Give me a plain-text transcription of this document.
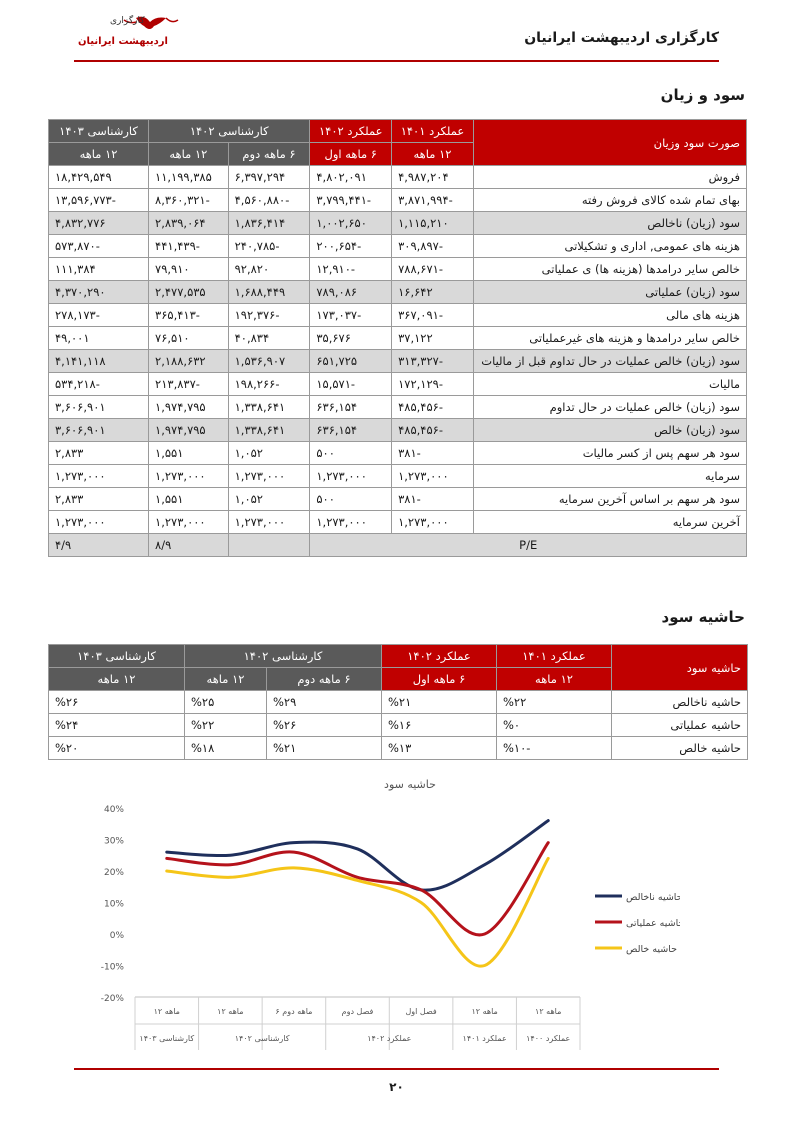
کارگزاری
اردیبهشت ایرانیان	کارگزاری اردیبهشت ایرانیان
سود و زیان
صورت سود وزیان	عملکرد ۱۴۰۱	عملکرد ۱۴۰۲	کارشناسی ۱۴۰۲		کارشناسی ۱۴۰۳
	۱۲ ماهه	۶ ماهه اول	۶ ماهه دوم	۱۲ ماهه	۱۲ ماهه
فروش	۴,۹۸۷,۲۰۴	۴,۸۰۲,۰۹۱	۶,۳۹۷,۲۹۴	۱۱,۱۹۹,۳۸۵	۱۸,۴۲۹,۵۴۹
بهای تمام شده کالای فروش رفته	-۳,۸۷۱,۹۹۴	-۳,۷۹۹,۴۴۱	-۴,۵۶۰,۸۸۰	-۸,۳۶۰,۳۲۱	-۱۳,۵۹۶,۷۷۳
سود (زیان) ناخالص	۱,۱۱۵,۲۱۰	۱,۰۰۲,۶۵۰	۱,۸۳۶,۴۱۴	۲,۸۳۹,۰۶۴	۴,۸۳۲,۷۷۶
هزینه های عمومی, اداری و تشکیلاتی	-۳۰۹,۸۹۷	-۲۰۰,۶۵۴	-۲۴۰,۷۸۵	-۴۴۱,۴۳۹	-۵۷۳,۸۷۰
خالص سایر درامدها (هزینه ها) ی عملیاتی	-۷۸۸,۶۷۱	-۱۲,۹۱۰	۹۲,۸۲۰	۷۹,۹۱۰	۱۱۱,۳۸۴
سود (زیان) عملیاتی	۱۶,۶۴۲	۷۸۹,۰۸۶	۱,۶۸۸,۴۴۹	۲,۴۷۷,۵۳۵	۴,۳۷۰,۲۹۰
هزینه های مالی	-۳۶۷,۰۹۱	-۱۷۳,۰۳۷	-۱۹۲,۳۷۶	-۳۶۵,۴۱۳	-۲۷۸,۱۷۳
خالص سایر درامدها و هزینه های غیرعملیاتی	۳۷,۱۲۲	۳۵,۶۷۶	۴۰,۸۳۴	۷۶,۵۱۰	۴۹,۰۰۱
سود (زیان) خالص عملیات در حال تداوم قبل از مالیات	-۳۱۳,۳۲۷	۶۵۱,۷۲۵	۱,۵۳۶,۹۰۷	۲,۱۸۸,۶۳۲	۴,۱۴۱,۱۱۸
مالیات	-۱۷۲,۱۲۹	-۱۵,۵۷۱	-۱۹۸,۲۶۶	-۲۱۳,۸۳۷	-۵۳۴,۲۱۸
سود (زیان) خالص عملیات در حال تداوم	-۴۸۵,۴۵۶	۶۳۶,۱۵۴	۱,۳۳۸,۶۴۱	۱,۹۷۴,۷۹۵	۳,۶۰۶,۹۰۱
سود (زیان) خالص	-۴۸۵,۴۵۶	۶۳۶,۱۵۴	۱,۳۳۸,۶۴۱	۱,۹۷۴,۷۹۵	۳,۶۰۶,۹۰۱
سود هر سهم پس از کسر مالیات	-۳۸۱	۵۰۰	۱,۰۵۲	۱,۵۵۱	۲,۸۳۳
سرمایه	۱,۲۷۳,۰۰۰	۱,۲۷۳,۰۰۰	۱,۲۷۳,۰۰۰	۱,۲۷۳,۰۰۰	۱,۲۷۳,۰۰۰
سود هر سهم بر اساس آخرین سرمایه	-۳۸۱	۵۰۰	۱,۰۵۲	۱,۵۵۱	۲,۸۳۳
آخرین سرمایه	۱,۲۷۳,۰۰۰	۱,۲۷۳,۰۰۰	۱,۲۷۳,۰۰۰	۱,۲۷۳,۰۰۰	۱,۲۷۳,۰۰۰
P/E				۸/۹	۴/۹
حاشیه سود
حاشیه سود	عملکرد ۱۴۰۱	عملکرد ۱۴۰۲	کارشناسی ۱۴۰۲		کارشناسی ۱۴۰۳
	۱۲ ماهه	۶ ماهه اول	۶ ماهه دوم	۱۲ ماهه	۱۲ ماهه
حاشیه ناخالص	%۲۲	%۲۱	%۲۹	%۲۵	%۲۶
حاشیه عملیاتی	%۰	%۱۶	%۲۶	%۲۲	%۲۴
حاشیه خالص	-%۱۰	%۱۳	%۲۱	%۱۸	%۲۰
حاشیه سود
40%
30%
20%
10%
0%
-10%
-20%
۱۲ ماهه
۱۲ ماهه
فصل اول
فصل دوم
۶ ماهه دوم
۱۲ ماهه
۱۲ ماهه
عملکرد ۱۴۰۰
عملکرد ۱۴۰۱
عملکرد ۱۴۰۲
کارشناسی ۱۴۰۲
کارشناسی ۱۴۰۳
حاشیه ناخالص
حاشیه عملیاتی
حاشیه خالص
۲۰
